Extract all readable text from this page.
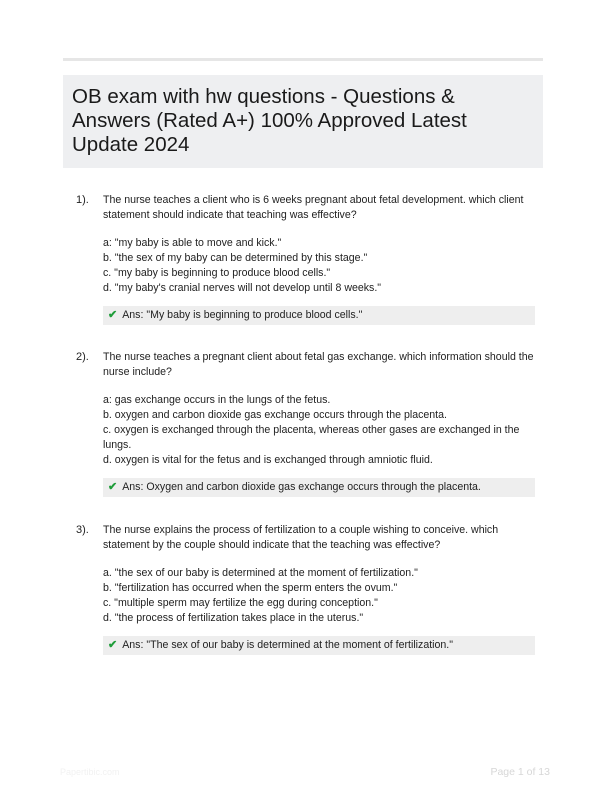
OB exam with hw questions - Questions & Answers (Rated A+) 100% Approved Latest Update 2024
1). The nurse teaches a client who is 6 weeks pregnant about fetal development. which client statement should indicate that teaching was effective?

a: "my baby is able to move and kick."
b. "the sex of my baby can be determined by this stage."
c. "my baby is beginning to produce blood cells."
d. "my baby's cranial nerves will not develop until 8 weeks."
✔ Ans: "My baby is beginning to produce blood cells."
2). The nurse teaches a pregnant client about fetal gas exchange. which information should the nurse include?

a: gas exchange occurs in the lungs of the fetus.
b. oxygen and carbon dioxide gas exchange occurs through the placenta.
c. oxygen is exchanged through the placenta, whereas other gases are exchanged in the lungs.
d. oxygen is vital for the fetus and is exchanged through amniotic fluid.
✔ Ans: Oxygen and carbon dioxide gas exchange occurs through the placenta.
3). The nurse explains the process of fertilization to a couple wishing to conceive. which statement by the couple should indicate that the teaching was effective?

a. "the sex of our baby is determined at the moment of fertilization."
b. "fertilization has occurred when the sperm enters the ovum."
c. "multiple sperm may fertilize the egg during conception."
d. "the process of fertilization takes place in the uterus."
✔ Ans: "The sex of our baby is determined at the moment of fertilization."
Papertibic.com	Page 1 of 13
